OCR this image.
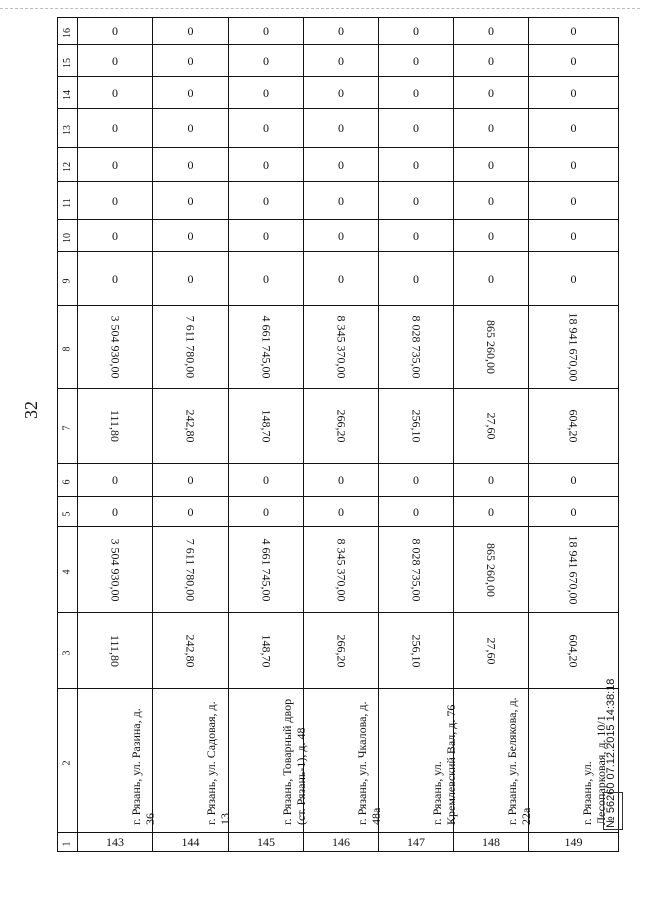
32
16	0	0	0	0	0	0	0
15	0	0	0	0	0	0	0
14	0	0	0	0	0	0	0
13	0	0	0	0	0	0	0
12	0	0	0	0	0	0	0
11	0	0	0	0	0	0	0
10	0	0	0	0	0	0	0
9	0	0	0	0	0	0	0
8	3 504 930,00	7 611 780,00	4 661 745,00	8 345 370,00	8 028 735,00	865 260,00	18 941 670,00
7	111,80	242,80	148,70	266,20	256,10	27,60	604,20
6	0	0	0	0	0	0	0
5	0	0	0	0	0	0	0
4	3 504 930,00	7 611 780,00	4 661 745,00	8 345 370,00	8 028 735,00	865 260,00	18 941 670,00
3	111,80	242,80	148,70	266,20	256,10	27,60	604,20
2	г. Рязань, ул. Разина, д. 36	г. Рязань, ул. Садовая, д. 13	г. Рязань, Товарный двор (ст. Рязань-1), д. 48	г. Рязань, ул. Чкалова, д. 48а	г. Рязань, ул. Кремлевский Вал, д. 76	г. Рязань, ул. Белякова, д. 22а	г. Рязань, ул. Лесопарковая, д. 10/1
1	143	144	145	146	147	148	149
№ 56260 07.12.2015 14:38:18
